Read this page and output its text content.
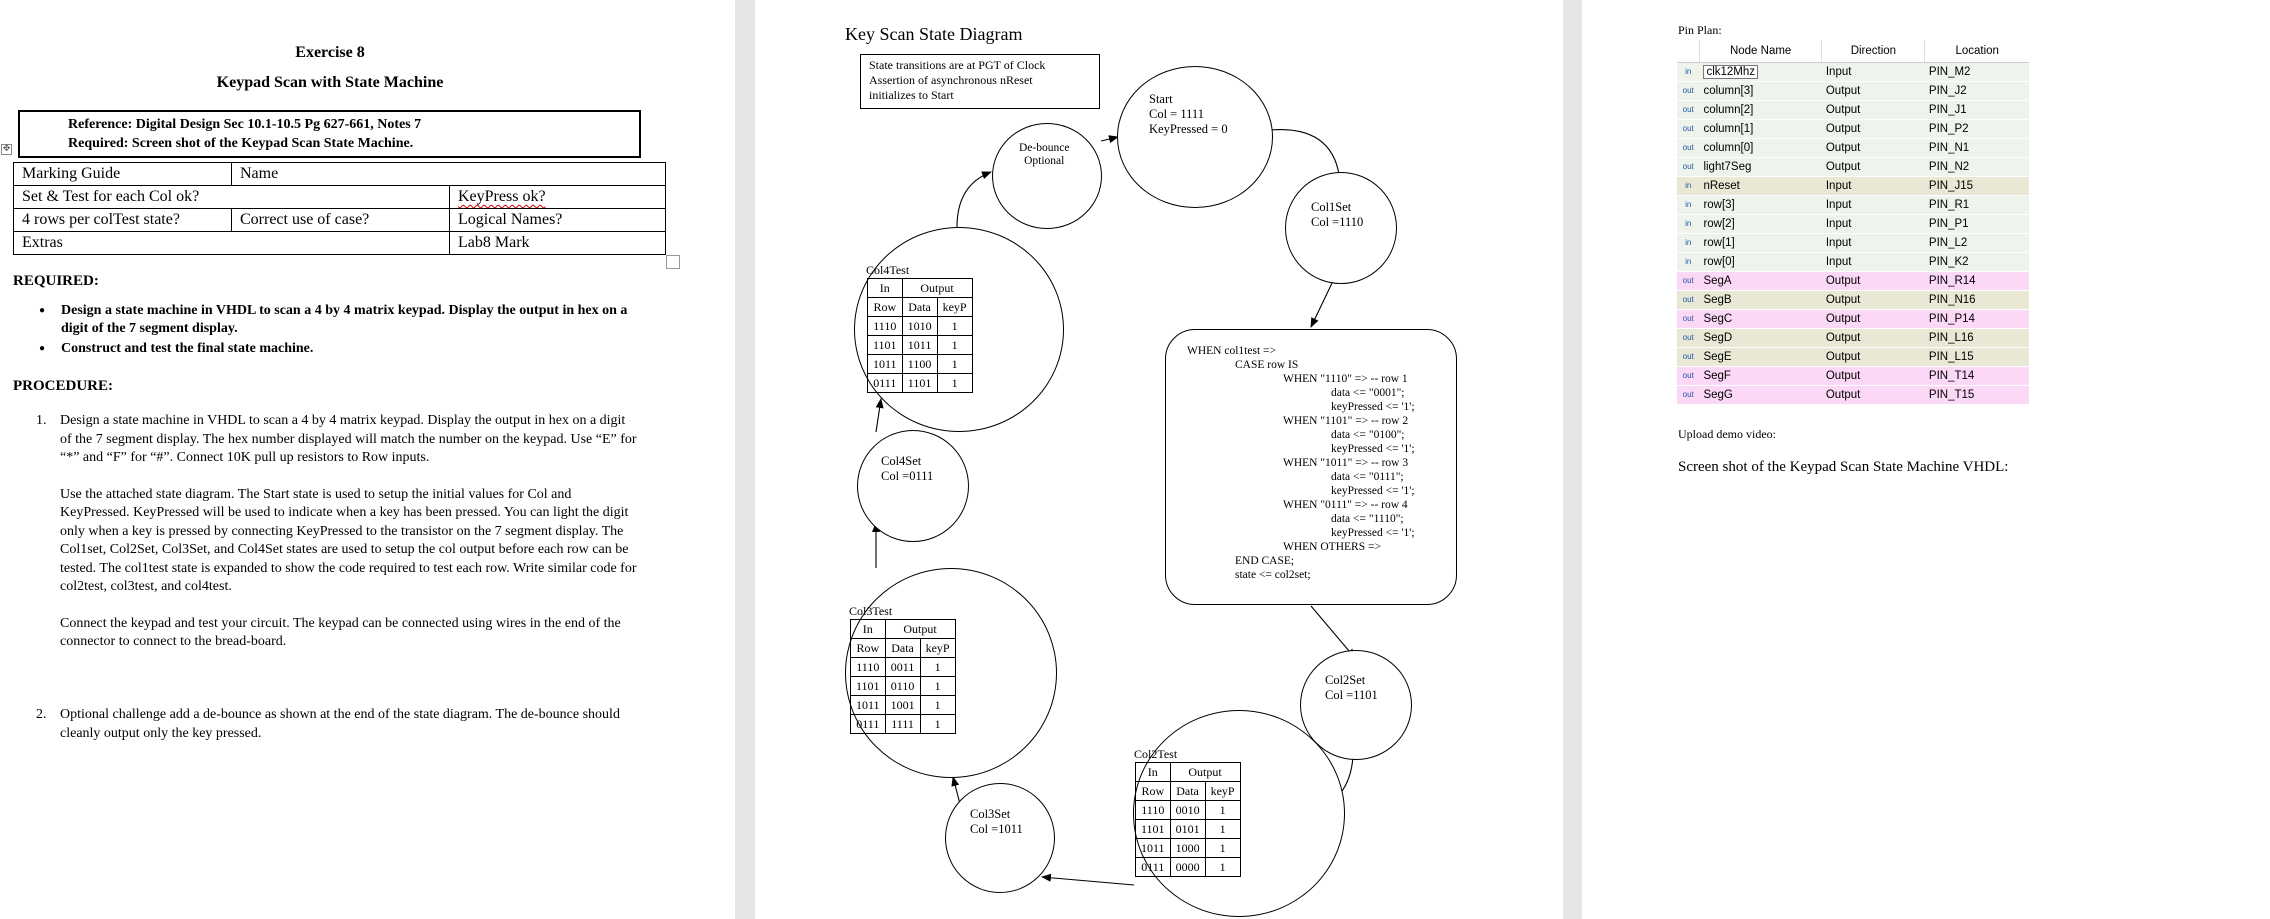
Exercise 8
Keypad Scan with State Machine
Reference: Digital Design Sec 10.1-10.5 Pg 627-661, Notes 7
Required: Screen shot of the Keypad Scan State Machine.
✥
Marking Guide	Name	
Set & Test for each Col ok?		KeyPress ok?
4 rows per colTest state?	Correct use of case?	Logical Names?
Extras		Lab8 Mark
REQUIRED:
● Design a state machine in VHDL to scan a 4 by 4 matrix keypad. Display the output in hex on a digit of the 7 segment display.
● Construct and test the final state machine.
PROCEDURE:
1. Design a state machine in VHDL to scan a 4 by 4 matrix keypad. Display the output in hex on a digit of the 7 segment display. The hex number displayed will match the number on the keypad. Use “E” for “*” and “F” for “#”. Connect 10K pull up resistors to Row inputs.
Use the attached state diagram. The Start state is used to setup the initial values for Col and KeyPressed. KeyPressed will be used to indicate when a key has been pressed. You can light the digit only when a key is pressed by connecting KeyPressed to the transistor on the 7 segment display. The Col1set, Col2Set, Col3Set, and Col4Set states are used to setup the col output before each row can be tested. The col1test state is expanded to show the code required to test each row. Write similar code for col2test, col3test, and col4test.
Connect the keypad and test your circuit. The keypad can be connected using wires in the end of the connector to connect to the bread-board.
2. Optional challenge add a de-bounce as shown at the end of the state diagram. The de-bounce should cleanly output only the key pressed.
Key Scan State Diagram
State transitions are at PGT of Clock
Assertion of asynchronous nReset
initializes to Start	Start
Col = 1111
KeyPressed = 0
De-bounce
Optional
Col1Set
Col =1110
WHEN col1test =>
CASE row IS
WHEN "1110" => -- row 1
data <= "0001";
keyPressed <= '1';
WHEN "1101" => -- row 2
data <= "0100";
keyPressed <= '1';
WHEN "1011" => -- row 3
data <= "0111";
keyPressed <= '1';
WHEN "0111" => -- row 4
data <= "1110";
keyPressed <= '1';
WHEN OTHERS =>
END CASE;
state <= col2set;
Col2Set
Col =1101
Col2Test
In	Output	
Row	Data	keyP
1110	0010	1
1101	0101	1
1011	1000	1
0111	0000	1
Col3Set
Col =1011
Col3Test
In	Output	
Row	Data	keyP
1110	0011	1
1101	0110	1
1011	1001	1
0111	1111	1
Col4Set
Col =0111
Col4Test
In	Output	
Row	Data	keyP
1110	1010	1
1101	1011	1
1011	1100	1
0111	1101	1
Pin Plan:
	Node Name	Direction	Location
in	clk12Mhz	Input	PIN_M2
out	column[3]	Output	PIN_J2
out	column[2]	Output	PIN_J1
out	column[1]	Output	PIN_P2
out	column[0]	Output	PIN_N1
out	light7Seg	Output	PIN_N2
in	nReset	Input	PIN_J15
in	row[3]	Input	PIN_R1
in	row[2]	Input	PIN_P1
in	row[1]	Input	PIN_L2
in	row[0]	Input	PIN_K2
out	SegA	Output	PIN_R14
out	SegB	Output	PIN_N16
out	SegC	Output	PIN_P14
out	SegD	Output	PIN_L16
out	SegE	Output	PIN_L15
out	SegF	Output	PIN_T14
out	SegG	Output	PIN_T15
Upload demo video:
Screen shot of the Keypad Scan State Machine VHDL:
